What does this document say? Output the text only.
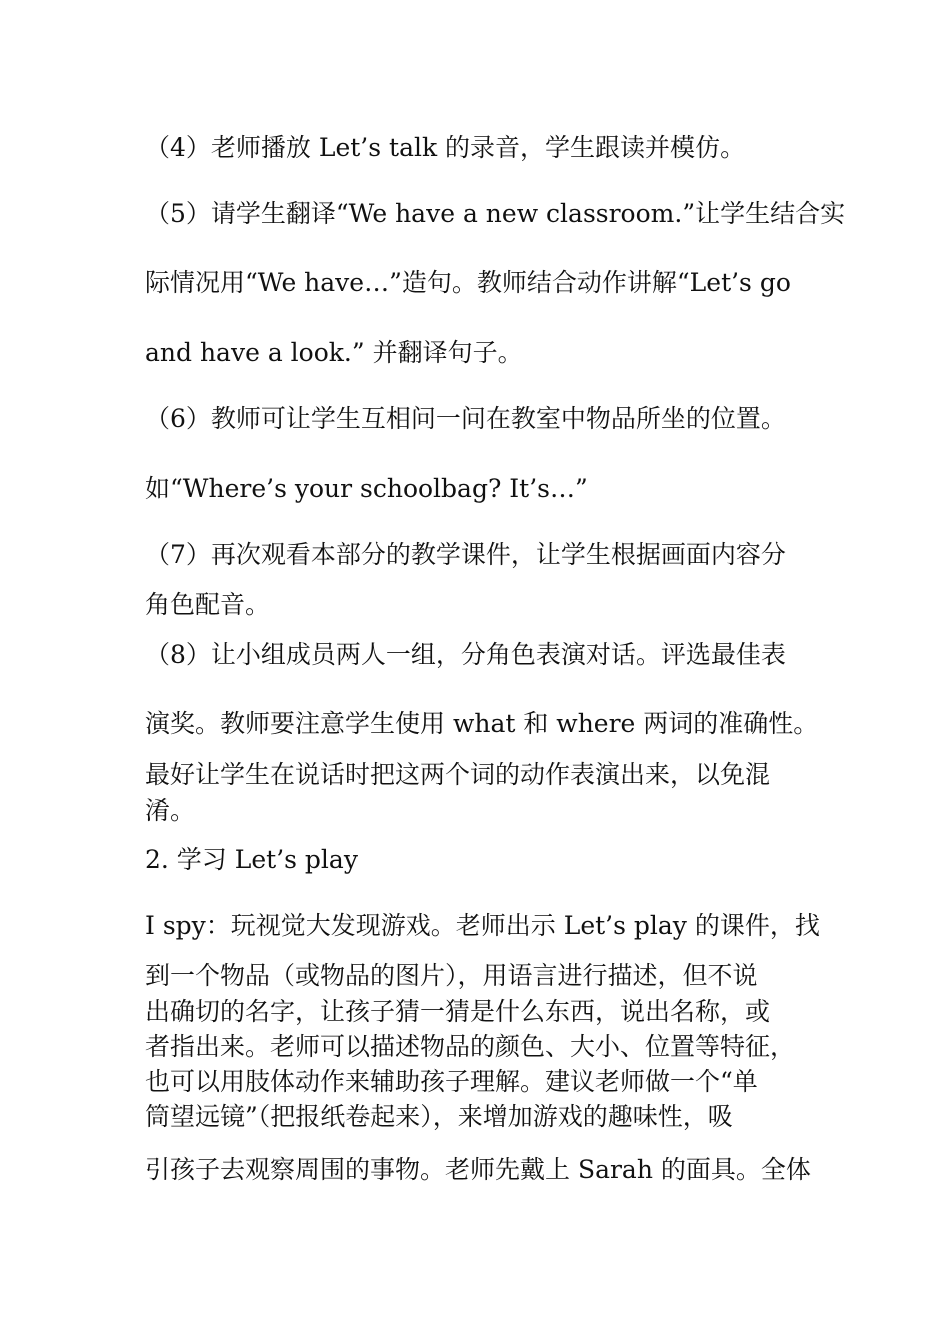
（4）老师播放 Let’s talk 的录音，学生跟读并模仿。
（5）请学生翻译“We have a new classroom.”让学生结合实
际情况用“We have…”造句。教师结合动作讲解“Let’s go
and have a look.” 并翻译句子。
（6）教师可让学生互相问一问在教室中物品所坐的位置。
如“Where’s your schoolbag? It’s…”
（7）再次观看本部分的教学课件，让学生根据画面内容分
角色配音。
（8）让小组成员两人一组，分角色表演对话。评选最佳表
演奖。教师要注意学生使用 what 和 where 两词的准确性。
最好让学生在说话时把这两个词的动作表演出来，以免混
淆。
2. 学习 Let’s play
I spy：玩视觉大发现游戏。老师出示 Let’s play 的课件，找
到一个物品（或物品的图片），用语言进行描述，但不说
出确切的名字，让孩子猜一猜是什么东西，说出名称，或
者指出来。老师可以描述物品的颜色、大小、位置等特征，
也可以用肢体动作来辅助孩子理解。建议老师做一个“单
筒望远镜”（把报纸卷起来），来增加游戏的趣味性，吸
引孩子去观察周围的事物。老师先戴上 Sarah 的面具。全体
